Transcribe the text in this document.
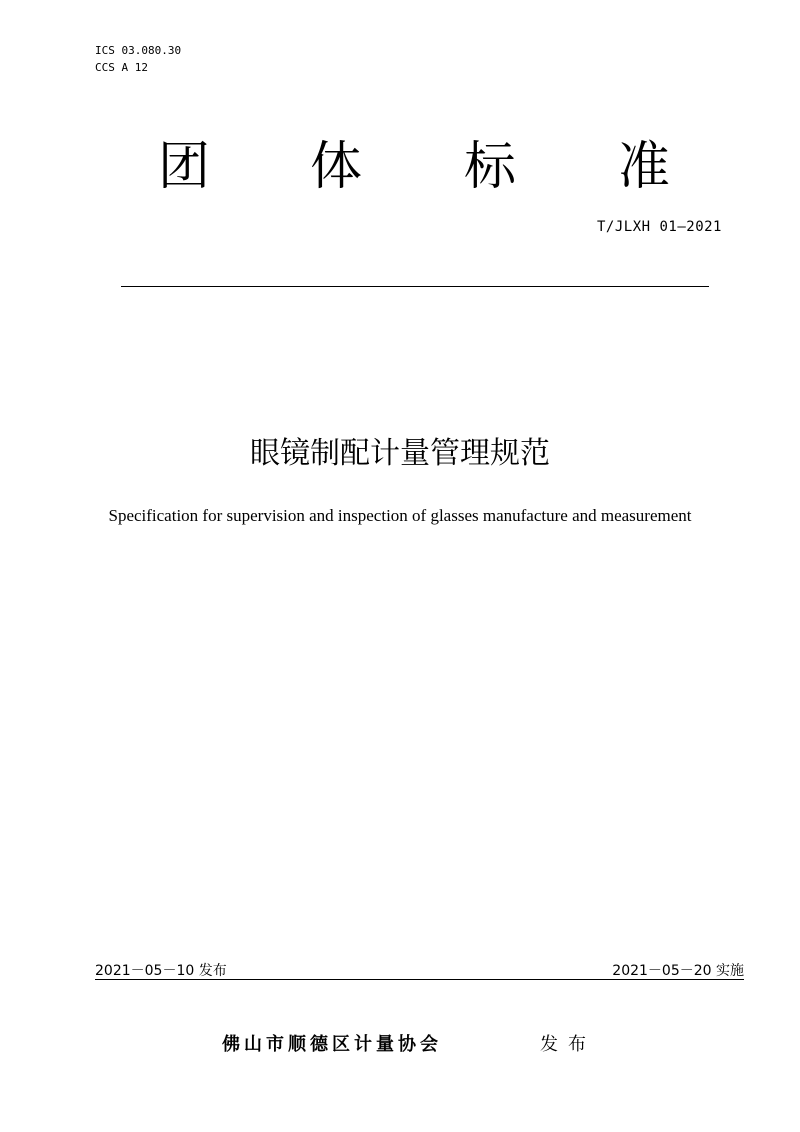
ICS 03.080.30
CCS A 12
团 体 标 准
T/JLXH 01—2021
眼镜制配计量管理规范
Specification for supervision and inspection of glasses manufacture and measurement
2021－05－10 发布	2021－05－20 实施
佛山市顺德区计量协会	发布
